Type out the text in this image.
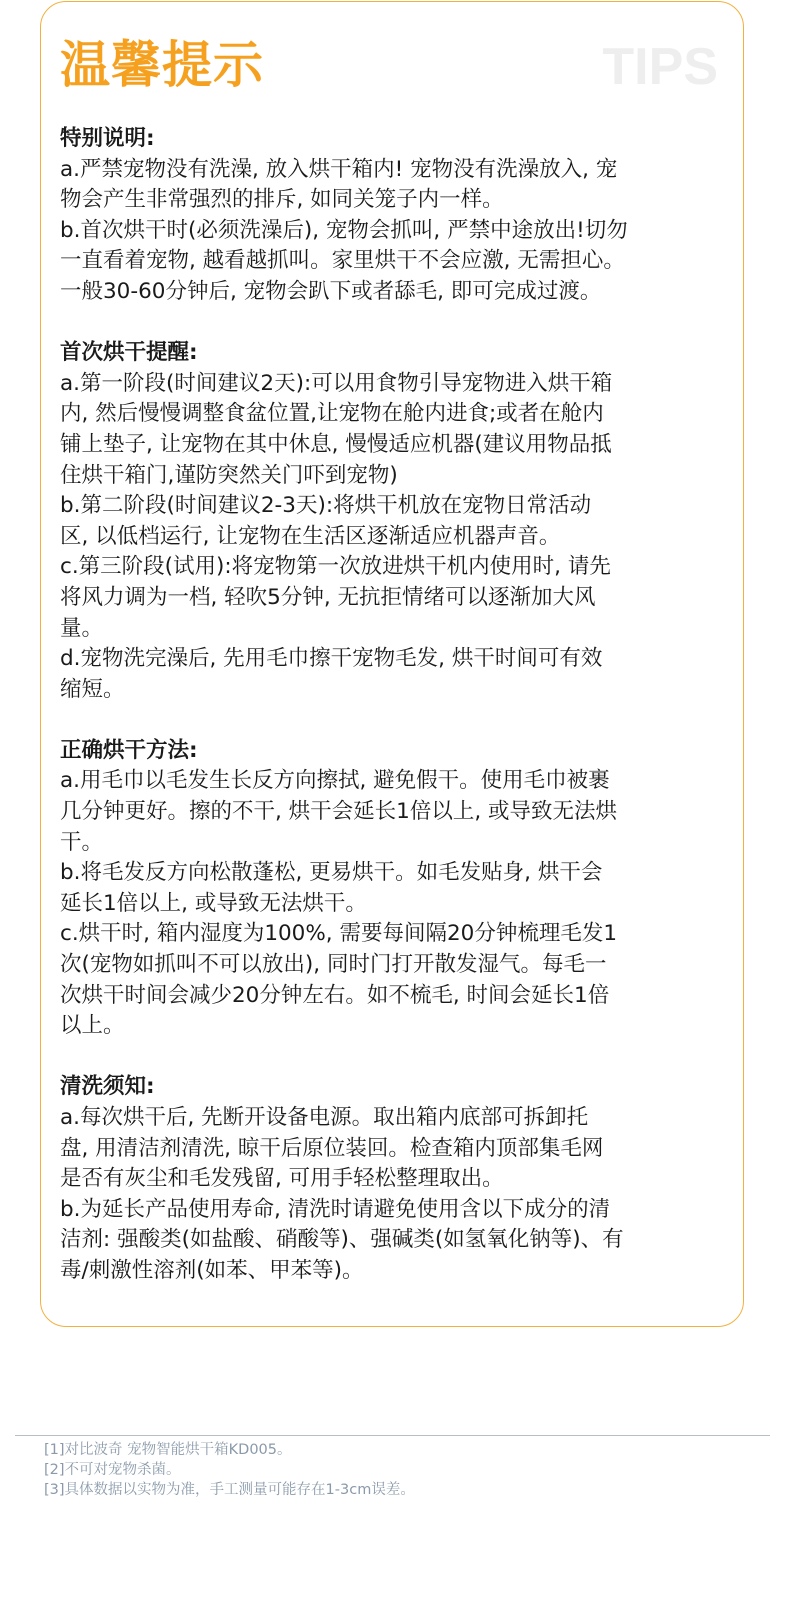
温馨提示	TIPS
特别说明:
a.严禁宠物没有洗澡, 放入烘干箱内! 宠物没有洗澡放入, 宠
物会产生非常强烈的排斥, 如同关笼子内一样。
b.首次烘干时(必须洗澡后), 宠物会抓叫, 严禁中途放出!切勿
一直看着宠物, 越看越抓叫。家里烘干不会应激, 无需担心。
一般30-60分钟后, 宠物会趴下或者舔毛, 即可完成过渡。
首次烘干提醒:
a.第一阶段(时间建议2天):可以用食物引导宠物进入烘干箱
内, 然后慢慢调整食盆位置,让宠物在舱内进食;或者在舱内
铺上垫子, 让宠物在其中休息, 慢慢适应机器(建议用物品抵
住烘干箱门,谨防突然关门吓到宠物)
b.第二阶段(时间建议2-3天):将烘干机放在宠物日常活动
区, 以低档运行, 让宠物在生活区逐渐适应机器声音。
c.第三阶段(试用):将宠物第一次放进烘干机内使用时, 请先
将风力调为一档, 轻吹5分钟, 无抗拒情绪可以逐渐加大风
量。
d.宠物洗完澡后, 先用毛巾擦干宠物毛发, 烘干时间可有效
缩短。
正确烘干方法:
a.用毛巾以毛发生长反方向擦拭, 避免假干。使用毛巾被裹
几分钟更好。擦的不干, 烘干会延长1倍以上, 或导致无法烘
干。
b.将毛发反方向松散蓬松, 更易烘干。如毛发贴身, 烘干会
延长1倍以上, 或导致无法烘干。
c.烘干时, 箱内湿度为100%, 需要每间隔20分钟梳理毛发1
次(宠物如抓叫不可以放出), 同时门打开散发湿气。每毛一
次烘干时间会减少20分钟左右。如不梳毛, 时间会延长1倍
以上。
清洗须知:
a.每次烘干后, 先断开设备电源。取出箱内底部可拆卸托
盘, 用清洁剂清洗, 晾干后原位装回。检查箱内顶部集毛网
是否有灰尘和毛发残留, 可用手轻松整理取出。
b.为延长产品使用寿命, 清洗时请避免使用含以下成分的清
洁剂: 强酸类(如盐酸、硝酸等)、强碱类(如氢氧化钠等)、有
毒/刺激性溶剂(如苯、甲苯等)。
[1]对比波奇 宠物智能烘干箱KD005。
[2]不可对宠物杀菌。
[3]具体数据以实物为准，手工测量可能存在1-3cm误差。
